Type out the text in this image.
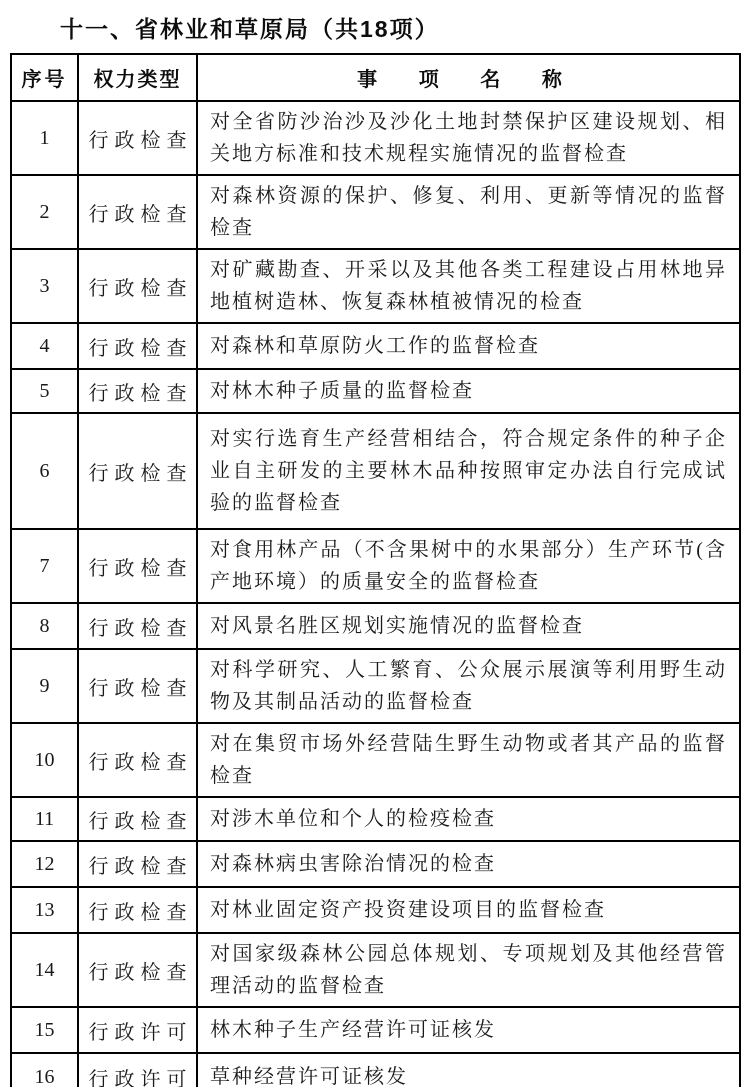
十一、省林业和草原局（共18项）
序号	权力类型	事 项 名 称
1	行政检查	对全省防沙治沙及沙化土地封禁保护区建设规划、相关地方标准和技术规程实施情况的监督检查
2	行政检查	对森林资源的保护、修复、利用、更新等情况的监督检查
3	行政检查	对矿藏勘查、开采以及其他各类工程建设占用林地异地植树造林、恢复森林植被情况的检查
4	行政检查	对森林和草原防火工作的监督检查
5	行政检查	对林木种子质量的监督检查
6	行政检查	对实行选育生产经营相结合，符合规定条件的种子企业自主研发的主要林木品种按照审定办法自行完成试验的监督检查
7	行政检查	对食用林产品（不含果树中的水果部分）生产环节(含产地环境）的质量安全的监督检查
8	行政检查	对风景名胜区规划实施情况的监督检查
9	行政检查	对科学研究、人工繁育、公众展示展演等利用野生动物及其制品活动的监督检查
10	行政检查	对在集贸市场外经营陆生野生动物或者其产品的监督检查
11	行政检查	对涉木单位和个人的检疫检查
12	行政检查	对森林病虫害除治情况的检查
13	行政检查	对林业固定资产投资建设项目的监督检查
14	行政检查	对国家级森林公园总体规划、专项规划及其他经营管理活动的监督检查
15	行政许可	林木种子生产经营许可证核发
16	行政许可	草种经营许可证核发
